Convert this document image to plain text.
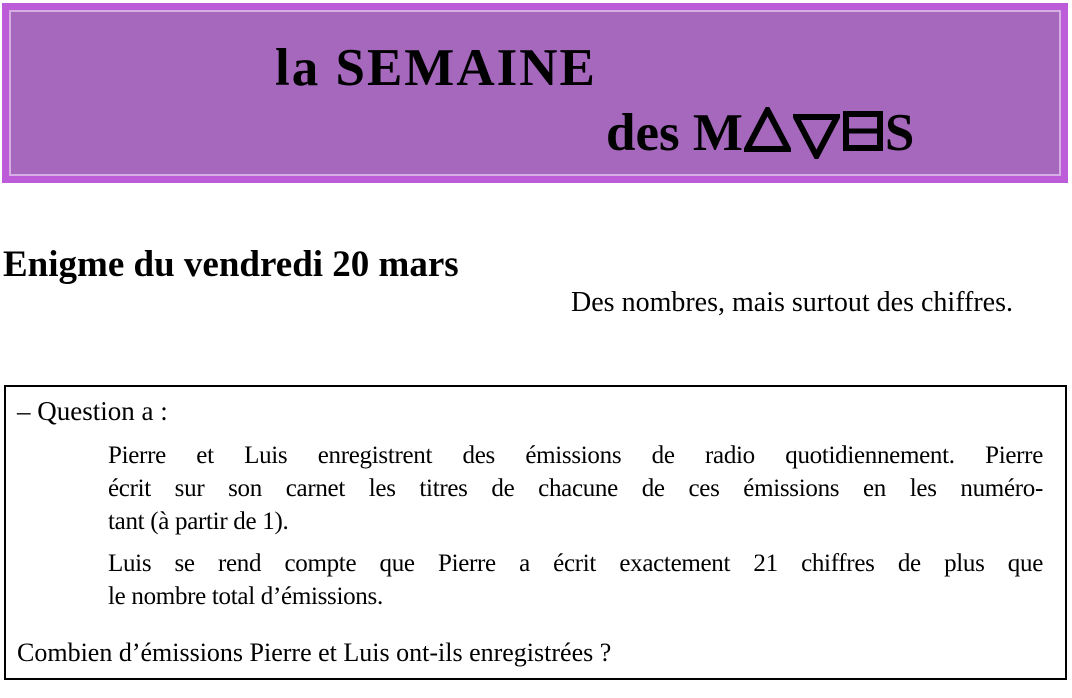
la SEMAINE
des M	S
Enigme du vendredi 20 mars
Des nombres, mais surtout des chiffres.
– Question a :
Pierre et Luis enregistrent des émissions de radio quotidiennement. Pierre
écrit sur son carnet les titres de chacune de ces émissions en les numéro-
tant (à partir de 1).
Luis se rend compte que Pierre a écrit exactement 21 chiffres de plus que
le nombre total d’émissions.
Combien d’émissions Pierre et Luis ont-ils enregistrées ?
